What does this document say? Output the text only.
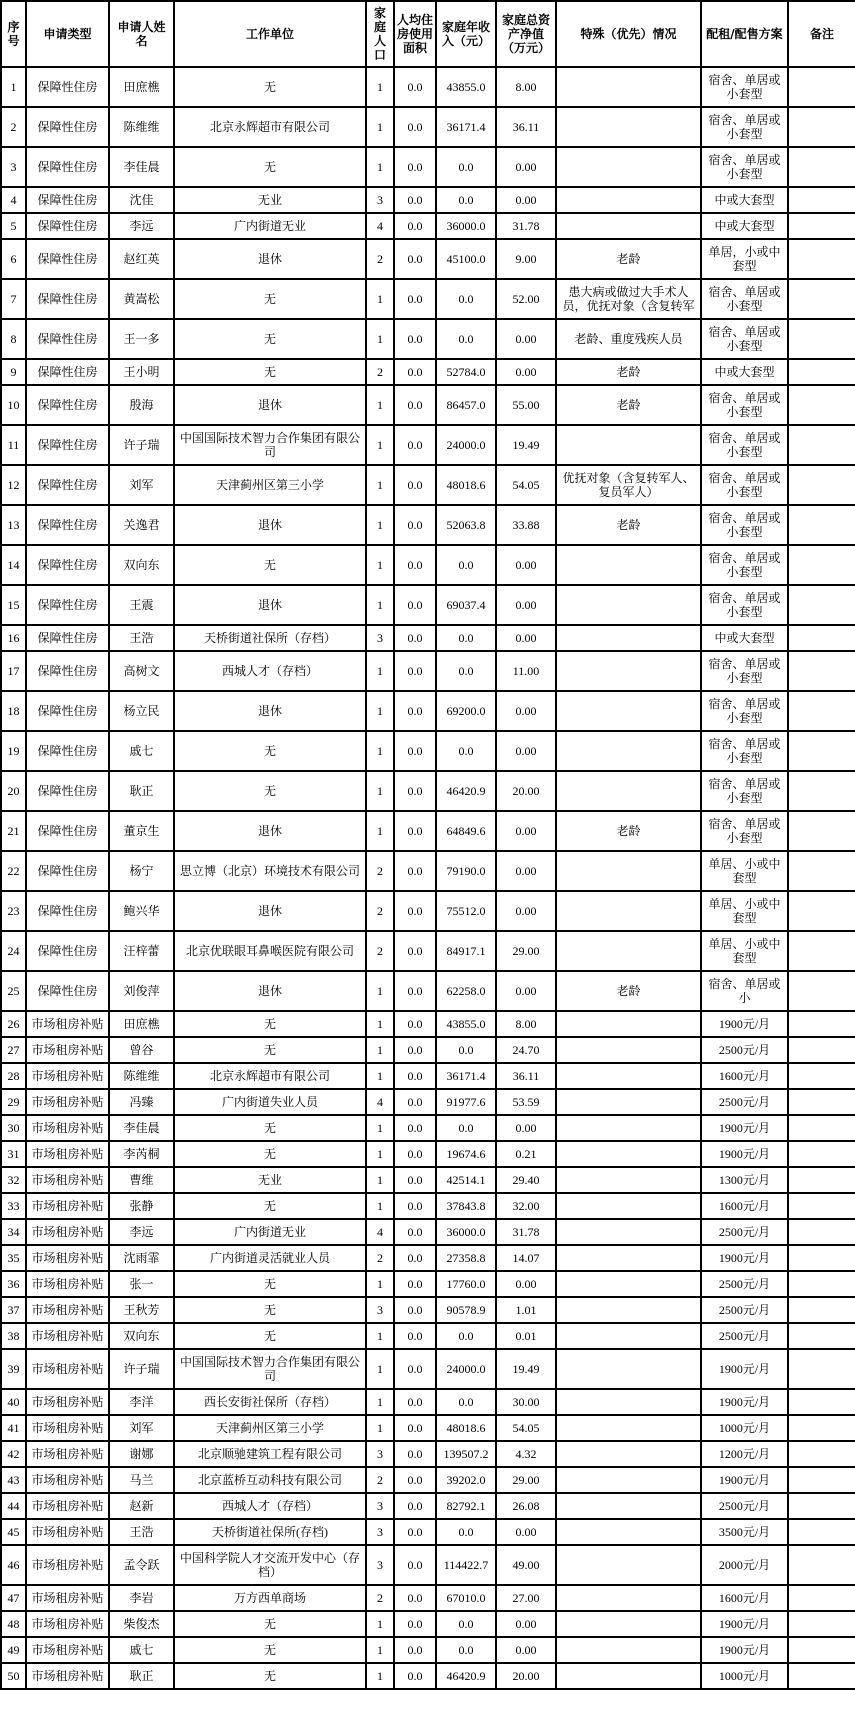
序号	申请类型	申请人姓名	工作单位	家庭人口	人均住房使用面积	家庭年收入（元）	家庭总资产净值（万元）	特殊（优先）情况	配租/配售方案	备注
1	保障性住房	田庶樵	无	1	0.0	43855.0	8.00		宿舍、单居或小套型	
2	保障性住房	陈维维	北京永辉超市有限公司	1	0.0	36171.4	36.11		宿舍、单居或小套型	
3	保障性住房	李佳晨	无	1	0.0	0.0	0.00		宿舍、单居或小套型	
4	保障性住房	沈佳	无业	3	0.0	0.0	0.00		中或大套型	
5	保障性住房	李远	广内街道无业	4	0.0	36000.0	31.78		中或大套型	
6	保障性住房	赵红英	退休	2	0.0	45100.0	9.00	老龄	单居，小或中套型	
7	保障性住房	黄嵩松	无	1	0.0	0.0	52.00	患大病或做过大手术人员，优抚对象（含复转军	宿舍、单居或小套型	
8	保障性住房	王一多	无	1	0.0	0.0	0.00	老龄、重度残疾人员	宿舍、单居或小套型	
9	保障性住房	王小明	无	2	0.0	52784.0	0.00	老龄	中或大套型	
10	保障性住房	殷海	退休	1	0.0	86457.0	55.00	老龄	宿舍、单居或小套型	
11	保障性住房	许子瑞	中国国际技术智力合作集团有限公司	1	0.0	24000.0	19.49		宿舍、单居或小套型	
12	保障性住房	刘军	天津蓟州区第三小学	1	0.0	48018.6	54.05	优抚对象（含复转军人、复员军人）	宿舍、单居或小套型	
13	保障性住房	关逸君	退休	1	0.0	52063.8	33.88	老龄	宿舍、单居或小套型	
14	保障性住房	双向东	无	1	0.0	0.0	0.00		宿舍、单居或小套型	
15	保障性住房	王震	退休	1	0.0	69037.4	0.00		宿舍、单居或小套型	
16	保障性住房	王浩	天桥街道社保所（存档）	3	0.0	0.0	0.00		中或大套型	
17	保障性住房	高树文	西城人才（存档）	1	0.0	0.0	11.00		宿舍、单居或小套型	
18	保障性住房	杨立民	退休	1	0.0	69200.0	0.00		宿舍、单居或小套型	
19	保障性住房	戚七	无	1	0.0	0.0	0.00		宿舍、单居或小套型	
20	保障性住房	耿正	无	1	0.0	46420.9	20.00		宿舍、单居或小套型	
21	保障性住房	董京生	退休	1	0.0	64849.6	0.00	老龄	宿舍、单居或小套型	
22	保障性住房	杨宁	思立博（北京）环境技术有限公司	2	0.0	79190.0	0.00		单居、小或中套型	
23	保障性住房	鲍兴华	退休	2	0.0	75512.0	0.00		单居、小或中套型	
24	保障性住房	汪梓蕾	北京优联眼耳鼻喉医院有限公司	2	0.0	84917.1	29.00		单居、小或中套型	
25	保障性住房	刘俊萍	退休	1	0.0	62258.0	0.00	老龄	宿舍、单居或小	
26	市场租房补贴	田庶樵	无	1	0.0	43855.0	8.00		1900元/月	
27	市场租房补贴	曾谷	无	1	0.0	0.0	24.70		2500元/月	
28	市场租房补贴	陈维维	北京永辉超市有限公司	1	0.0	36171.4	36.11		1600元/月	
29	市场租房补贴	冯臻	广内街道失业人员	4	0.0	91977.6	53.59		2500元/月	
30	市场租房补贴	李佳晨	无	1	0.0	0.0	0.00		1900元/月	
31	市场租房补贴	李芮桐	无	1	0.0	19674.6	0.21		1900元/月	
32	市场租房补贴	曹维	无业	1	0.0	42514.1	29.40		1300元/月	
33	市场租房补贴	张静	无	1	0.0	37843.8	32.00		1600元/月	
34	市场租房补贴	李远	广内街道无业	4	0.0	36000.0	31.78		2500元/月	
35	市场租房补贴	沈雨霏	广内街道灵活就业人员	2	0.0	27358.8	14.07		1900元/月	
36	市场租房补贴	张一	无	1	0.0	17760.0	0.00		2500元/月	
37	市场租房补贴	王秋芳	无	3	0.0	90578.9	1.01		2500元/月	
38	市场租房补贴	双向东	无	1	0.0	0.0	0.01		2500元/月	
39	市场租房补贴	许子瑞	中国国际技术智力合作集团有限公司	1	0.0	24000.0	19.49		1900元/月	
40	市场租房补贴	李洋	西长安街社保所（存档）	1	0.0	0.0	30.00		1900元/月	
41	市场租房补贴	刘军	天津蓟州区第三小学	1	0.0	48018.6	54.05		1000元/月	
42	市场租房补贴	谢娜	北京顺驰建筑工程有限公司	3	0.0	139507.2	4.32		1200元/月	
43	市场租房补贴	马兰	北京蓝桥互动科技有限公司	2	0.0	39202.0	29.00		1900元/月	
44	市场租房补贴	赵新	西城人才（存档）	3	0.0	82792.1	26.08		2500元/月	
45	市场租房补贴	王浩	天桥街道社保所(存档)	3	0.0	0.0	0.00		3500元/月	
46	市场租房补贴	孟令跃	中国科学院人才交流开发中心（存档）	3	0.0	114422.7	49.00		2000元/月	
47	市场租房补贴	李岩	万方西单商场	2	0.0	67010.0	27.00		1600元/月	
48	市场租房补贴	柴俊杰	无	1	0.0	0.0	0.00		1900元/月	
49	市场租房补贴	戚七	无	1	0.0	0.0	0.00		1900元/月	
50	市场租房补贴	耿正	无	1	0.0	46420.9	20.00		1000元/月	
